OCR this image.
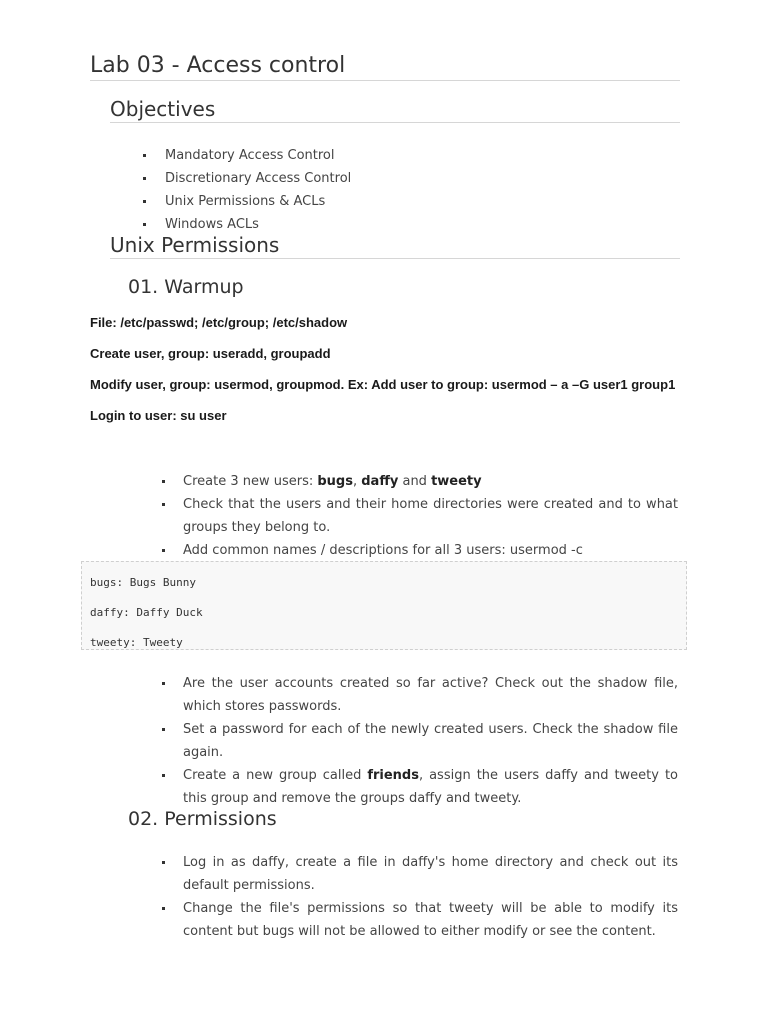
Lab 03 - Access control
Objectives
Mandatory Access Control
Discretionary Access Control
Unix Permissions & ACLs
Windows ACLs
Unix Permissions
01. Warmup
File: /etc/passwd; /etc/group; /etc/shadow
Create user, group: useradd, groupadd
Modify user, group: usermod, groupmod. Ex: Add user to group: usermod – a –G user1 group1
Login to user: su user
Create 3 new users: bugs, daffy and tweety
Check that the users and their home directories were created and to what groups they belong to.
Add common names / descriptions for all 3 users: usermod -c
bugs: Bugs Bunny
daffy: Daffy Duck
tweety: Tweety
Are the user accounts created so far active? Check out the shadow file, which stores passwords.
Set a password for each of the newly created users. Check the shadow file again.
Create a new group called friends, assign the users daffy and tweety to this group and remove the groups daffy and tweety.
02. Permissions
Log in as daffy, create a file in daffy's home directory and check out its default permissions.
Change the file's permissions so that tweety will be able to modify its content but bugs will not be allowed to either modify or see the content.
